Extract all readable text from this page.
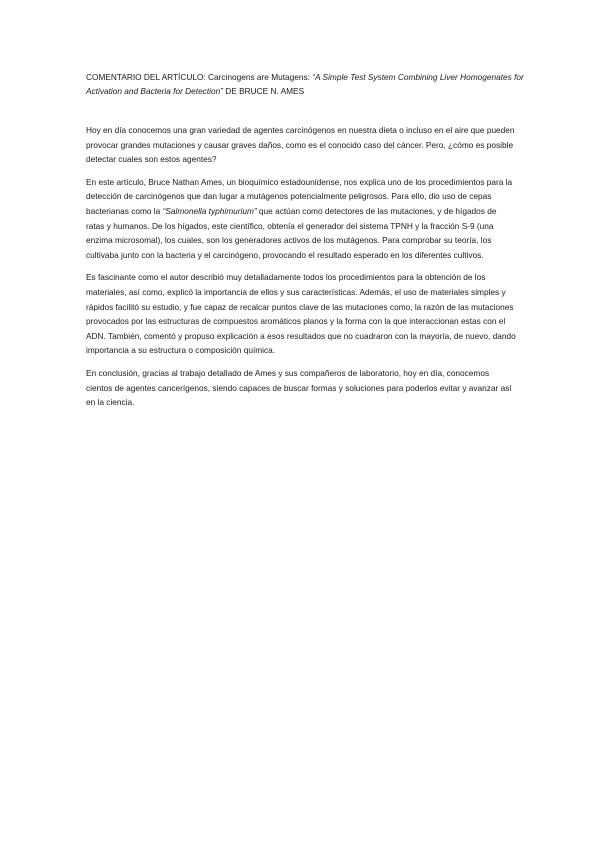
COMENTARIO DEL ARTÍCULO: Carcinogens are Mutagens: “A Simple Test System Combining Liver Homogenates for Activation and Bacteria for Detection” DE BRUCE N. AMES

Hoy en día conocemos una gran variedad de agentes carcinógenos en nuestra dieta o incluso en el aire que pueden provocar grandes mutaciones y causar graves daños, como es el conocido caso del cáncer. Pero, ¿cómo es posible detectar cuales son estos agentes?

En este artículo, Bruce Nathan Ames, un bioquímico estadounidense, nos explica uno de los procedimientos para la detección de carcinógenos que dan lugar a mutágenos potencialmente peligrosos. Para ello, dio uso de cepas bacterianas como la “Salmonella typhimurium” que actúan como detectores de las mutaciones, y de hígados de ratas y humanos. De los hígados, este científico, obtenía el generador del sistema TPNH y la fracción S-9 (una enzima microsomal), los cuales, son los generadores activos de los mutágenos. Para comprobar su teoría, los cultivaba junto con la bacteria y el carcinógeno, provocando el resultado esperado en los diferentes cultivos.

Es fascinante como el autor describió muy detalladamente todos los procedimientos para la obtención de los materiales, así como, explicó la importancia de ellos y sus características. Además, el uso de materiales simples y rápidos facilitó su estudio, y fue capaz de recalcar puntos clave de las mutaciones como, la razón de las mutaciones provocados por las estructuras de compuestos aromáticos planos y la forma con la que interaccionan estas con el ADN. También, comentó y propuso explicación a esos resultados que no cuadraron con la mayoría, de nuevo, dando importancia a su estructura o composición química.

En conclusión, gracias al trabajo detallado de Ames y sus compañeros de laboratorio, hoy en día, conocemos cientos de agentes cancerígenos, siendo capaces de buscar formas y soluciones para poderlos evitar y avanzar así en la ciencia.
